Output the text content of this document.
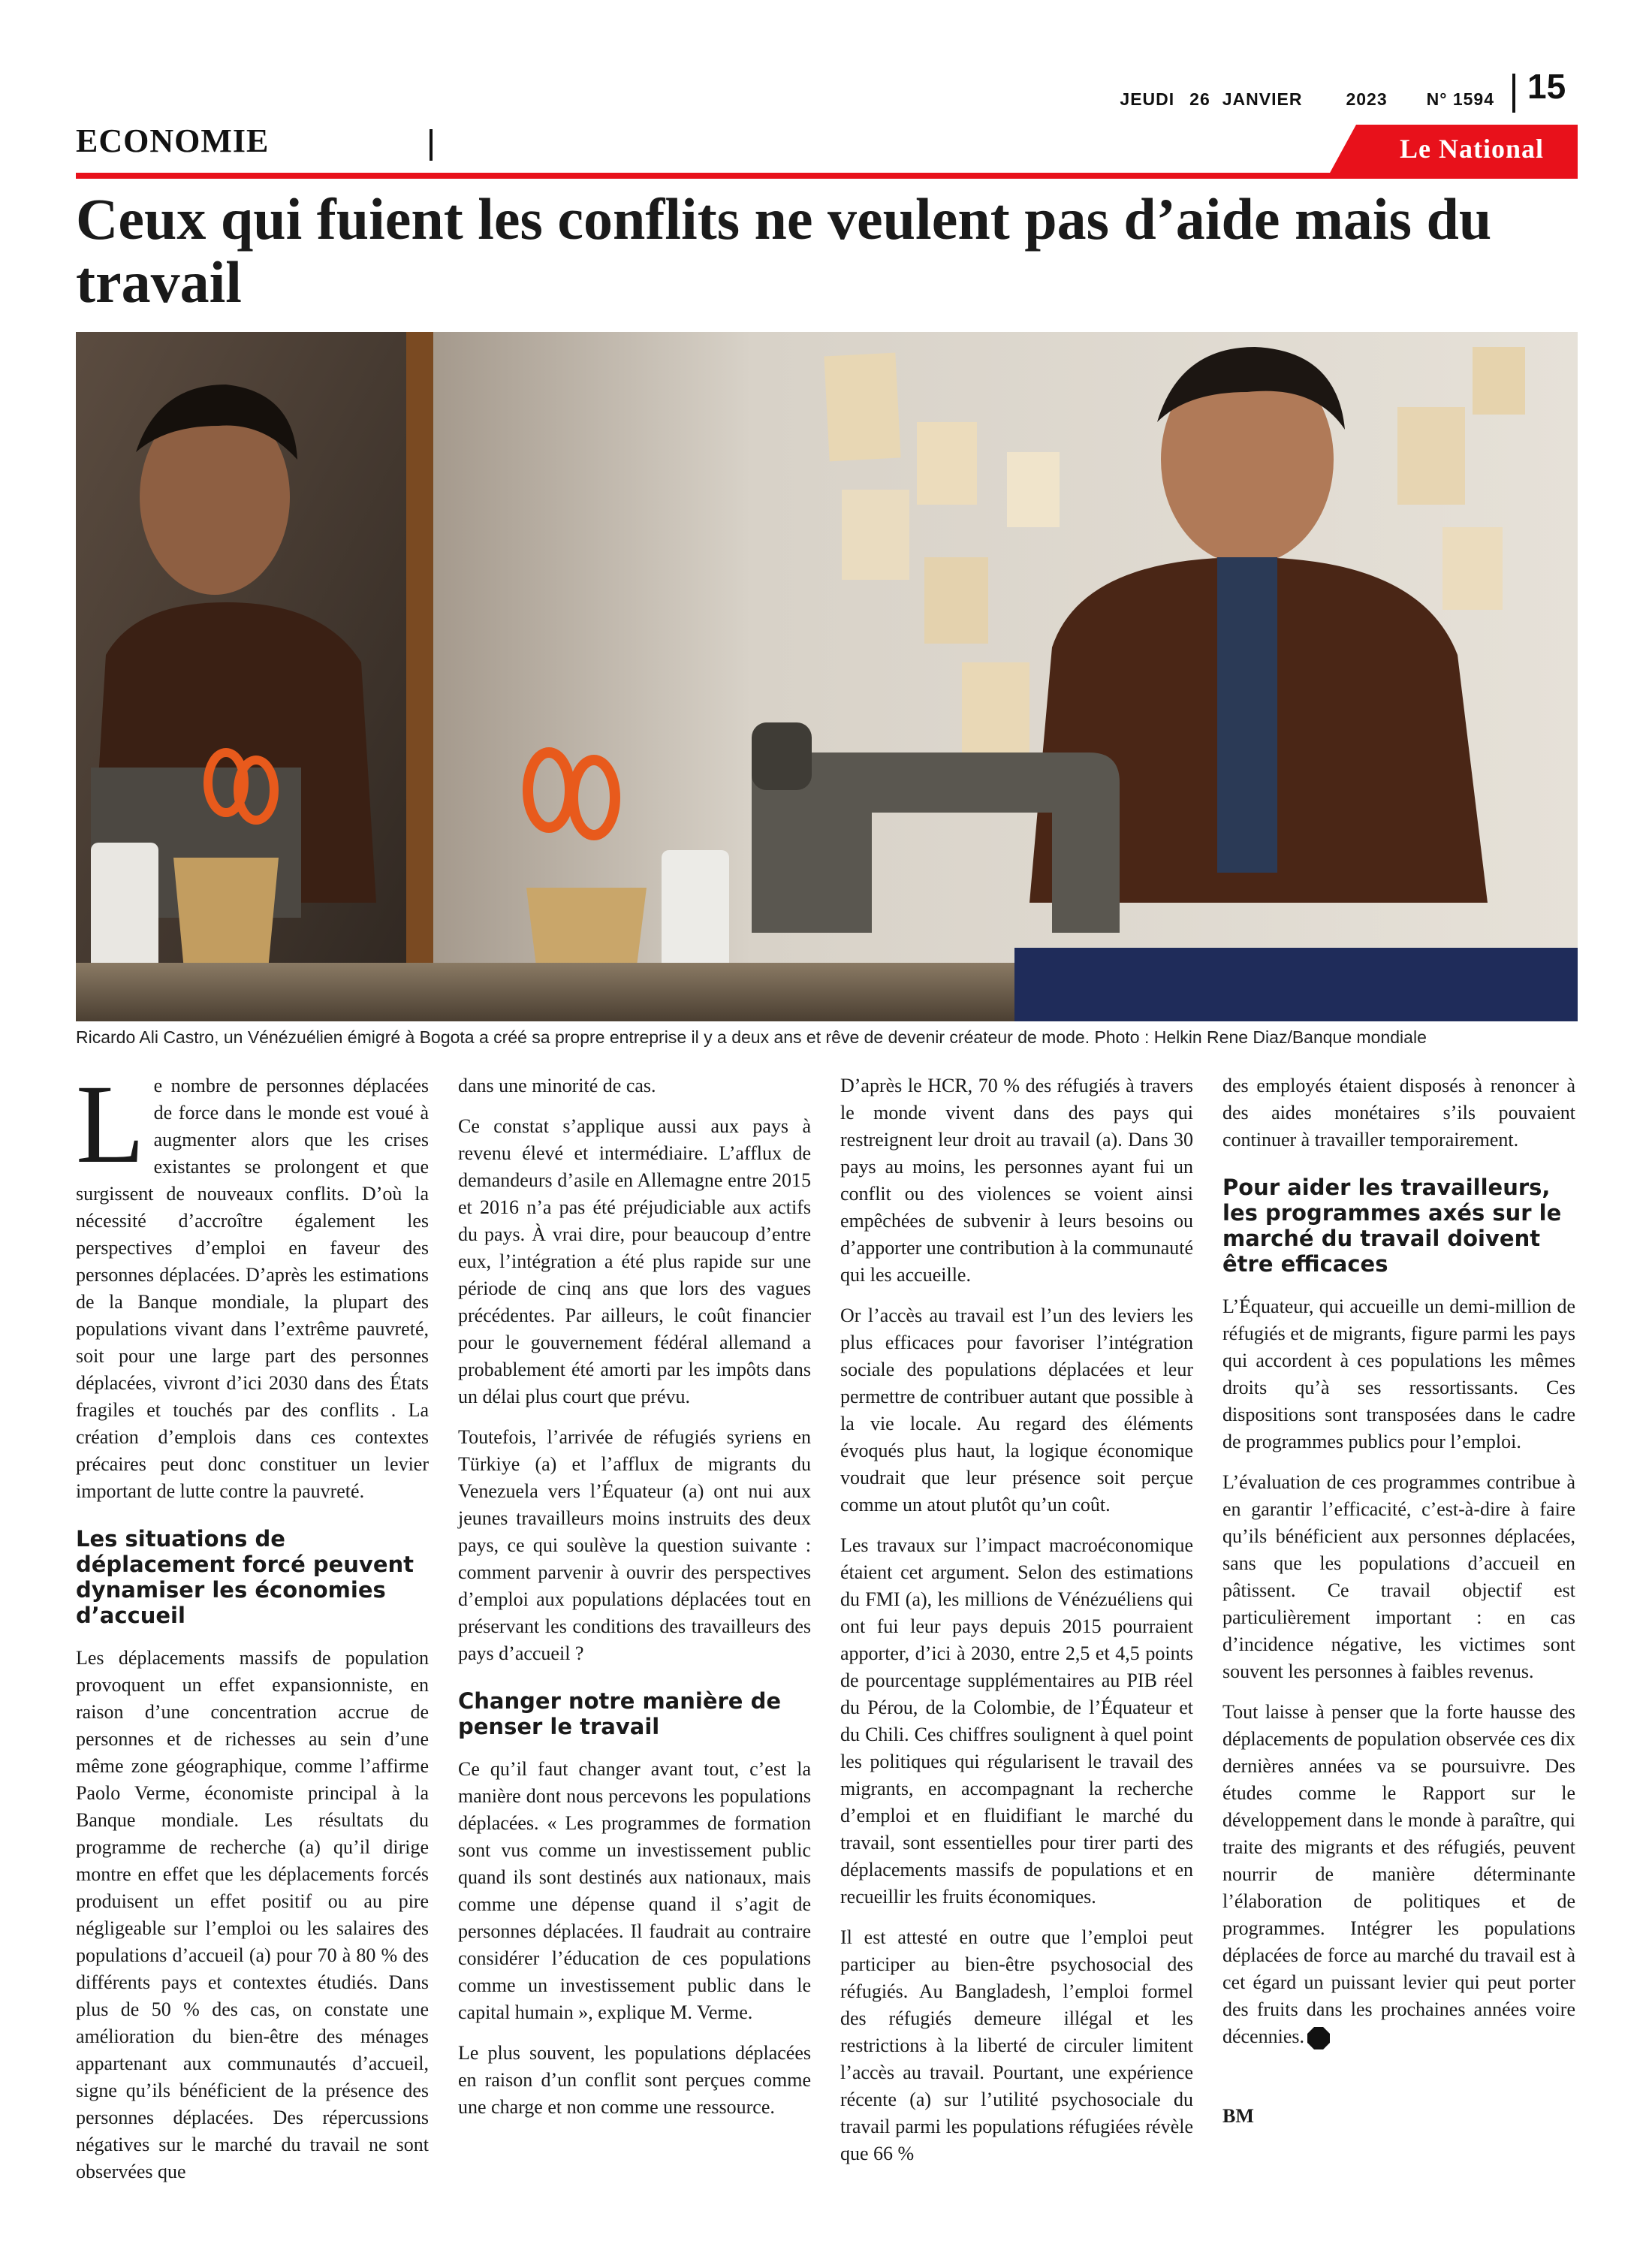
JEUDI 26 JANVIER	2023 N° 1594 15
ECONOMIE	Le National
Ceux qui fuient les conflits ne veulent pas d’aide mais du travail
Ricardo Ali Castro, un Vénézuélien émigré à Bogota a créé sa propre entreprise il y a deux ans et rêve de devenir créateur de mode. Photo : Helkin Rene Diaz/Banque mondiale

Le nombre de personnes déplacées de force dans le monde est voué à augmenter alors que les crises existantes se prolongent et que surgissent de nouveaux conflits. D’où la nécessité d’accroître également les perspectives d’emploi en faveur des personnes déplacées. D’après les estimations de la Banque mondiale, la plupart des populations vivant dans l’extrême pauvreté, soit pour une large part des personnes déplacées, vivront d’ici 2030 dans des États fragiles et touchés par des conflits . La création d’emplois dans ces contextes précaires peut donc constituer un levier important de lutte contre la pauvreté.

Les situations de déplacement forcé peuvent dynamiser les économies d’accueil

Les déplacements massifs de population provoquent un effet expansionniste, en raison d’une concentration accrue de personnes et de richesses au sein d’une même zone géographique, comme l’affirme Paolo Verme, économiste principal à la Banque mondiale. Les résultats du programme de recherche (a) qu’il dirige montre en effet que les déplacements forcés produisent un effet positif ou au pire négligeable sur l’emploi ou les salaires des populations d’accueil (a) pour 70 à 80 % des différents pays et contextes étudiés. Dans plus de 50 % des cas, on constate une amélioration du bien-être des ménages appartenant aux communautés d’accueil, signe qu’ils bénéficient de la présence des personnes déplacées. Des répercussions négatives sur le marché du travail ne sont observées que

dans une minorité de cas.

Ce constat s’applique aussi aux pays à revenu élevé et intermédiaire. L’afflux de demandeurs d’asile en Allemagne entre 2015 et 2016 n’a pas été préjudiciable aux actifs du pays. À vrai dire, pour beaucoup d’entre eux, l’intégration a été plus rapide sur une période de cinq ans que lors des vagues précédentes. Par ailleurs, le coût financier pour le gouvernement fédéral allemand a probablement été amorti par les impôts dans un délai plus court que prévu.

Toutefois, l’arrivée de réfugiés syriens en Türkiye (a) et l’afflux de migrants du Venezuela vers l’Équateur (a) ont nui aux jeunes travailleurs moins instruits des deux pays, ce qui soulève la question suivante : comment parvenir à ouvrir des perspectives d’emploi aux populations déplacées tout en préservant les conditions des travailleurs des pays d’accueil ?

Changer notre manière de penser le travail

Ce qu’il faut changer avant tout, c’est la manière dont nous percevons les populations déplacées. « Les programmes de formation sont vus comme un investissement public quand ils sont destinés aux nationaux, mais comme une dépense quand il s’agit de personnes déplacées. Il faudrait au contraire considérer l’éducation de ces populations comme un investissement public dans le capital humain », explique M. Verme.

Le plus souvent, les populations déplacées en raison d’un conflit sont perçues comme une charge et non comme une ressource.

D’après le HCR, 70 % des réfugiés à travers le monde vivent dans des pays qui restreignent leur droit au travail (a). Dans 30 pays au moins, les personnes ayant fui un conflit ou des violences se voient ainsi empêchées de subvenir à leurs besoins ou d’apporter une contribution à la communauté qui les accueille.

Or l’accès au travail est l’un des leviers les plus efficaces pour favoriser l’intégration sociale des populations déplacées et leur permettre de contribuer autant que possible à la vie locale. Au regard des éléments évoqués plus haut, la logique économique voudrait que leur présence soit perçue comme un atout plutôt qu’un coût.

Les travaux sur l’impact macroéconomique étaient cet argument. Selon des estimations du FMI (a), les millions de Vénézuéliens qui ont fui leur pays depuis 2015 pourraient apporter, d’ici à 2030, entre 2,5 et 4,5 points de pourcentage supplémentaires au PIB réel du Pérou, de la Colombie, de l’Équateur et du Chili. Ces chiffres soulignent à quel point les politiques qui régularisent le travail des migrants, en accompagnant la recherche d’emploi et en fluidifiant le marché du travail, sont essentielles pour tirer parti des déplacements massifs de populations et en recueillir les fruits économiques.

Il est attesté en outre que l’emploi peut participer au bien-être psychosocial des réfugiés. Au Bangladesh, l’emploi formel des réfugiés demeure illégal et les restrictions à la liberté de circuler limitent l’accès au travail. Pourtant, une expérience récente (a) sur l’utilité psychosociale du travail parmi les populations réfugiées révèle que 66 %

des employés étaient disposés à renoncer à des aides monétaires s’ils pouvaient continuer à travailler temporairement.

Pour aider les travailleurs, les programmes axés sur le marché du travail doivent être efficaces

L’Équateur, qui accueille un demi-million de réfugiés et de migrants, figure parmi les pays qui accordent à ces populations les mêmes droits qu’à ses ressortissants. Ces dispositions sont transposées dans le cadre de programmes publics pour l’emploi.

L’évaluation de ces programmes contribue à en garantir l’efficacité, c’est-à-dire à faire qu’ils bénéficient aux personnes déplacées, sans que les populations d’accueil en pâtissent. Ce travail objectif est particulièrement important : en cas d’incidence négative, les victimes sont souvent les personnes à faibles revenus.

Tout laisse à penser que la forte hausse des déplacements de population observée ces dix dernières années va se poursuivre. Des études comme le Rapport sur le développement dans le monde à paraître, qui traite des migrants et des réfugiés, peuvent nourrir de manière déterminante l’élaboration de politiques et de programmes. Intégrer les populations déplacées de force au marché du travail est à cet égard un puissant levier qui peut porter des fruits dans les prochaines années voire décennies.

BM
